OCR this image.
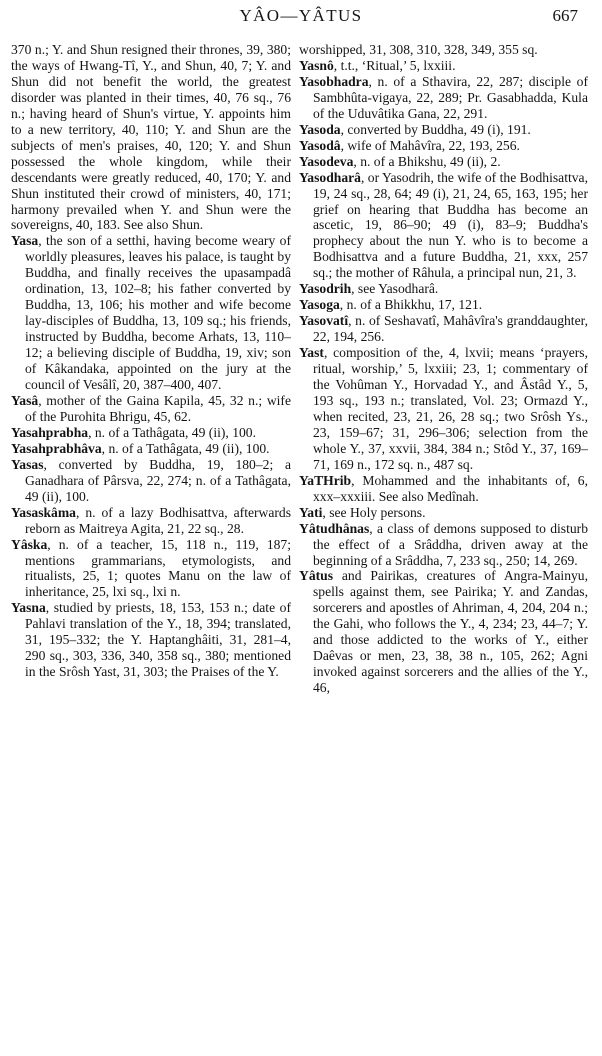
YÂO—YÂTUS	667

370 n.; Y. and Shun resigned their thrones, 39, 380; the ways of Hwang-Tî, Y., and Shun, 40, 7; Y. and Shun did not benefit the world, the greatest disorder was planted in their times, 40, 76 sq., 76 n.; having heard of Shun's virtue, Y. appoints him to a new territory, 40, 110; Y. and Shun are the subjects of men's praises, 40, 120; Y. and Shun possessed the whole kingdom, while their descendants were greatly reduced, 40, 170; Y. and Shun instituted their crowd of ministers, 40, 171; harmony prevailed when Y. and Shun were the sovereigns, 40, 183. See also Shun.

Yasa, the son of a setthi, having become weary of worldly pleasures, leaves his palace, is taught by Buddha, and finally receives the upasampadâ ordination, 13, 102–8; his father converted by Buddha, 13, 106; his mother and wife become lay-disciples of Buddha, 13, 109 sq.; his friends, instructed by Buddha, become Arhats, 13, 110–12; a believing disciple of Buddha, 19, xiv; son of Kâkandaka, appointed on the jury at the council of Vesâlî, 20, 387–400, 407.

Yasâ, mother of the Gaina Kapila, 45, 32 n.; wife of the Purohita Bhrigu, 45, 62.

Yasahprabha, n. of a Tathâgata, 49 (ii), 100.

Yasahprabhâva, n. of a Tathâgata, 49 (ii), 100.

Yasas, converted by Buddha, 19, 180–2; a Ganadhara of Pârsva, 22, 274; n. of a Tathâgata, 49 (ii), 100.

Yasaskâma, n. of a lazy Bodhisattva, afterwards reborn as Maitreya Agita, 21, 22 sq., 28.

Yâska, n. of a teacher, 15, 118 n., 119, 187; mentions grammarians, etymologists, and ritualists, 25, 1; quotes Manu on the law of inheritance, 25, lxi sq., lxi n.

Yasna, studied by priests, 18, 153, 153 n.; date of Pahlavi translation of the Y., 18, 394; translated, 31, 195–332; the Y. Haptanghâiti, 31, 281–4, 290 sq., 303, 336, 340, 358 sq., 380; mentioned in the Srôsh Yast, 31, 303; the Praises of the Y.

worshipped, 31, 308, 310, 328, 349, 355 sq.

Yasnô, t.t., ‘Ritual,’ 5, lxxiii.

Yasobhadra, n. of a Sthavira, 22, 287; disciple of Sambhûta-vigaya, 22, 289; Pr. Gasabhadda, Kula of the Uduvâtika Gana, 22, 291.

Yasoda, converted by Buddha, 49 (i), 191.

Yasodâ, wife of Mahâvîra, 22, 193, 256.

Yasodeva, n. of a Bhikshu, 49 (ii), 2.

Yasodharâ, or Yasodrih, the wife of the Bodhisattva, 19, 24 sq., 28, 64; 49 (i), 21, 24, 65, 163, 195; her grief on hearing that Buddha has become an ascetic, 19, 86–90; 49 (i), 83–9; Buddha's prophecy about the nun Y. who is to become a Bodhisattva and a future Buddha, 21, xxx, 257 sq.; the mother of Râhula, a principal nun, 21, 3.

Yasodrih, see Yasodharâ.

Yasoga, n. of a Bhikkhu, 17, 121.

Yasovatî, n. of Seshavatî, Mahâvîra's granddaughter, 22, 194, 256.

Yast, composition of the, 4, lxvii; means ‘prayers, ritual, worship,’ 5, lxxiii; 23, 1; commentary of the Vohûman Y., Horvadad Y., and Âstâd Y., 5, 193 sq., 193 n.; translated, Vol. 23; Ormazd Y., when recited, 23, 21, 26, 28 sq.; two Srôsh Ys., 23, 159–67; 31, 296–306; selection from the whole Y., 37, xxvii, 384, 384 n.; Stôd Y., 37, 169–71, 169 n., 172 sq. n., 487 sq.

YaTHrib, Mohammed and the inhabitants of, 6, xxx–xxxiii. See also Medînah.

Yati, see Holy persons.

Yâtudhânas, a class of demons supposed to disturb the effect of a Srâddha, driven away at the beginning of a Srâddha, 7, 233 sq., 250; 14, 269.

Yâtus and Pairikas, creatures of Angra-Mainyu, spells against them, see Pairika; Y. and Zandas, sorcerers and apostles of Ahriman, 4, 204, 204 n.; the Gahi, who follows the Y., 4, 234; 23, 44–7; Y. and those addicted to the works of Y., either Daêvas or men, 23, 38, 38 n., 105, 262; Agni invoked against sorcerers and the allies of the Y., 46,
